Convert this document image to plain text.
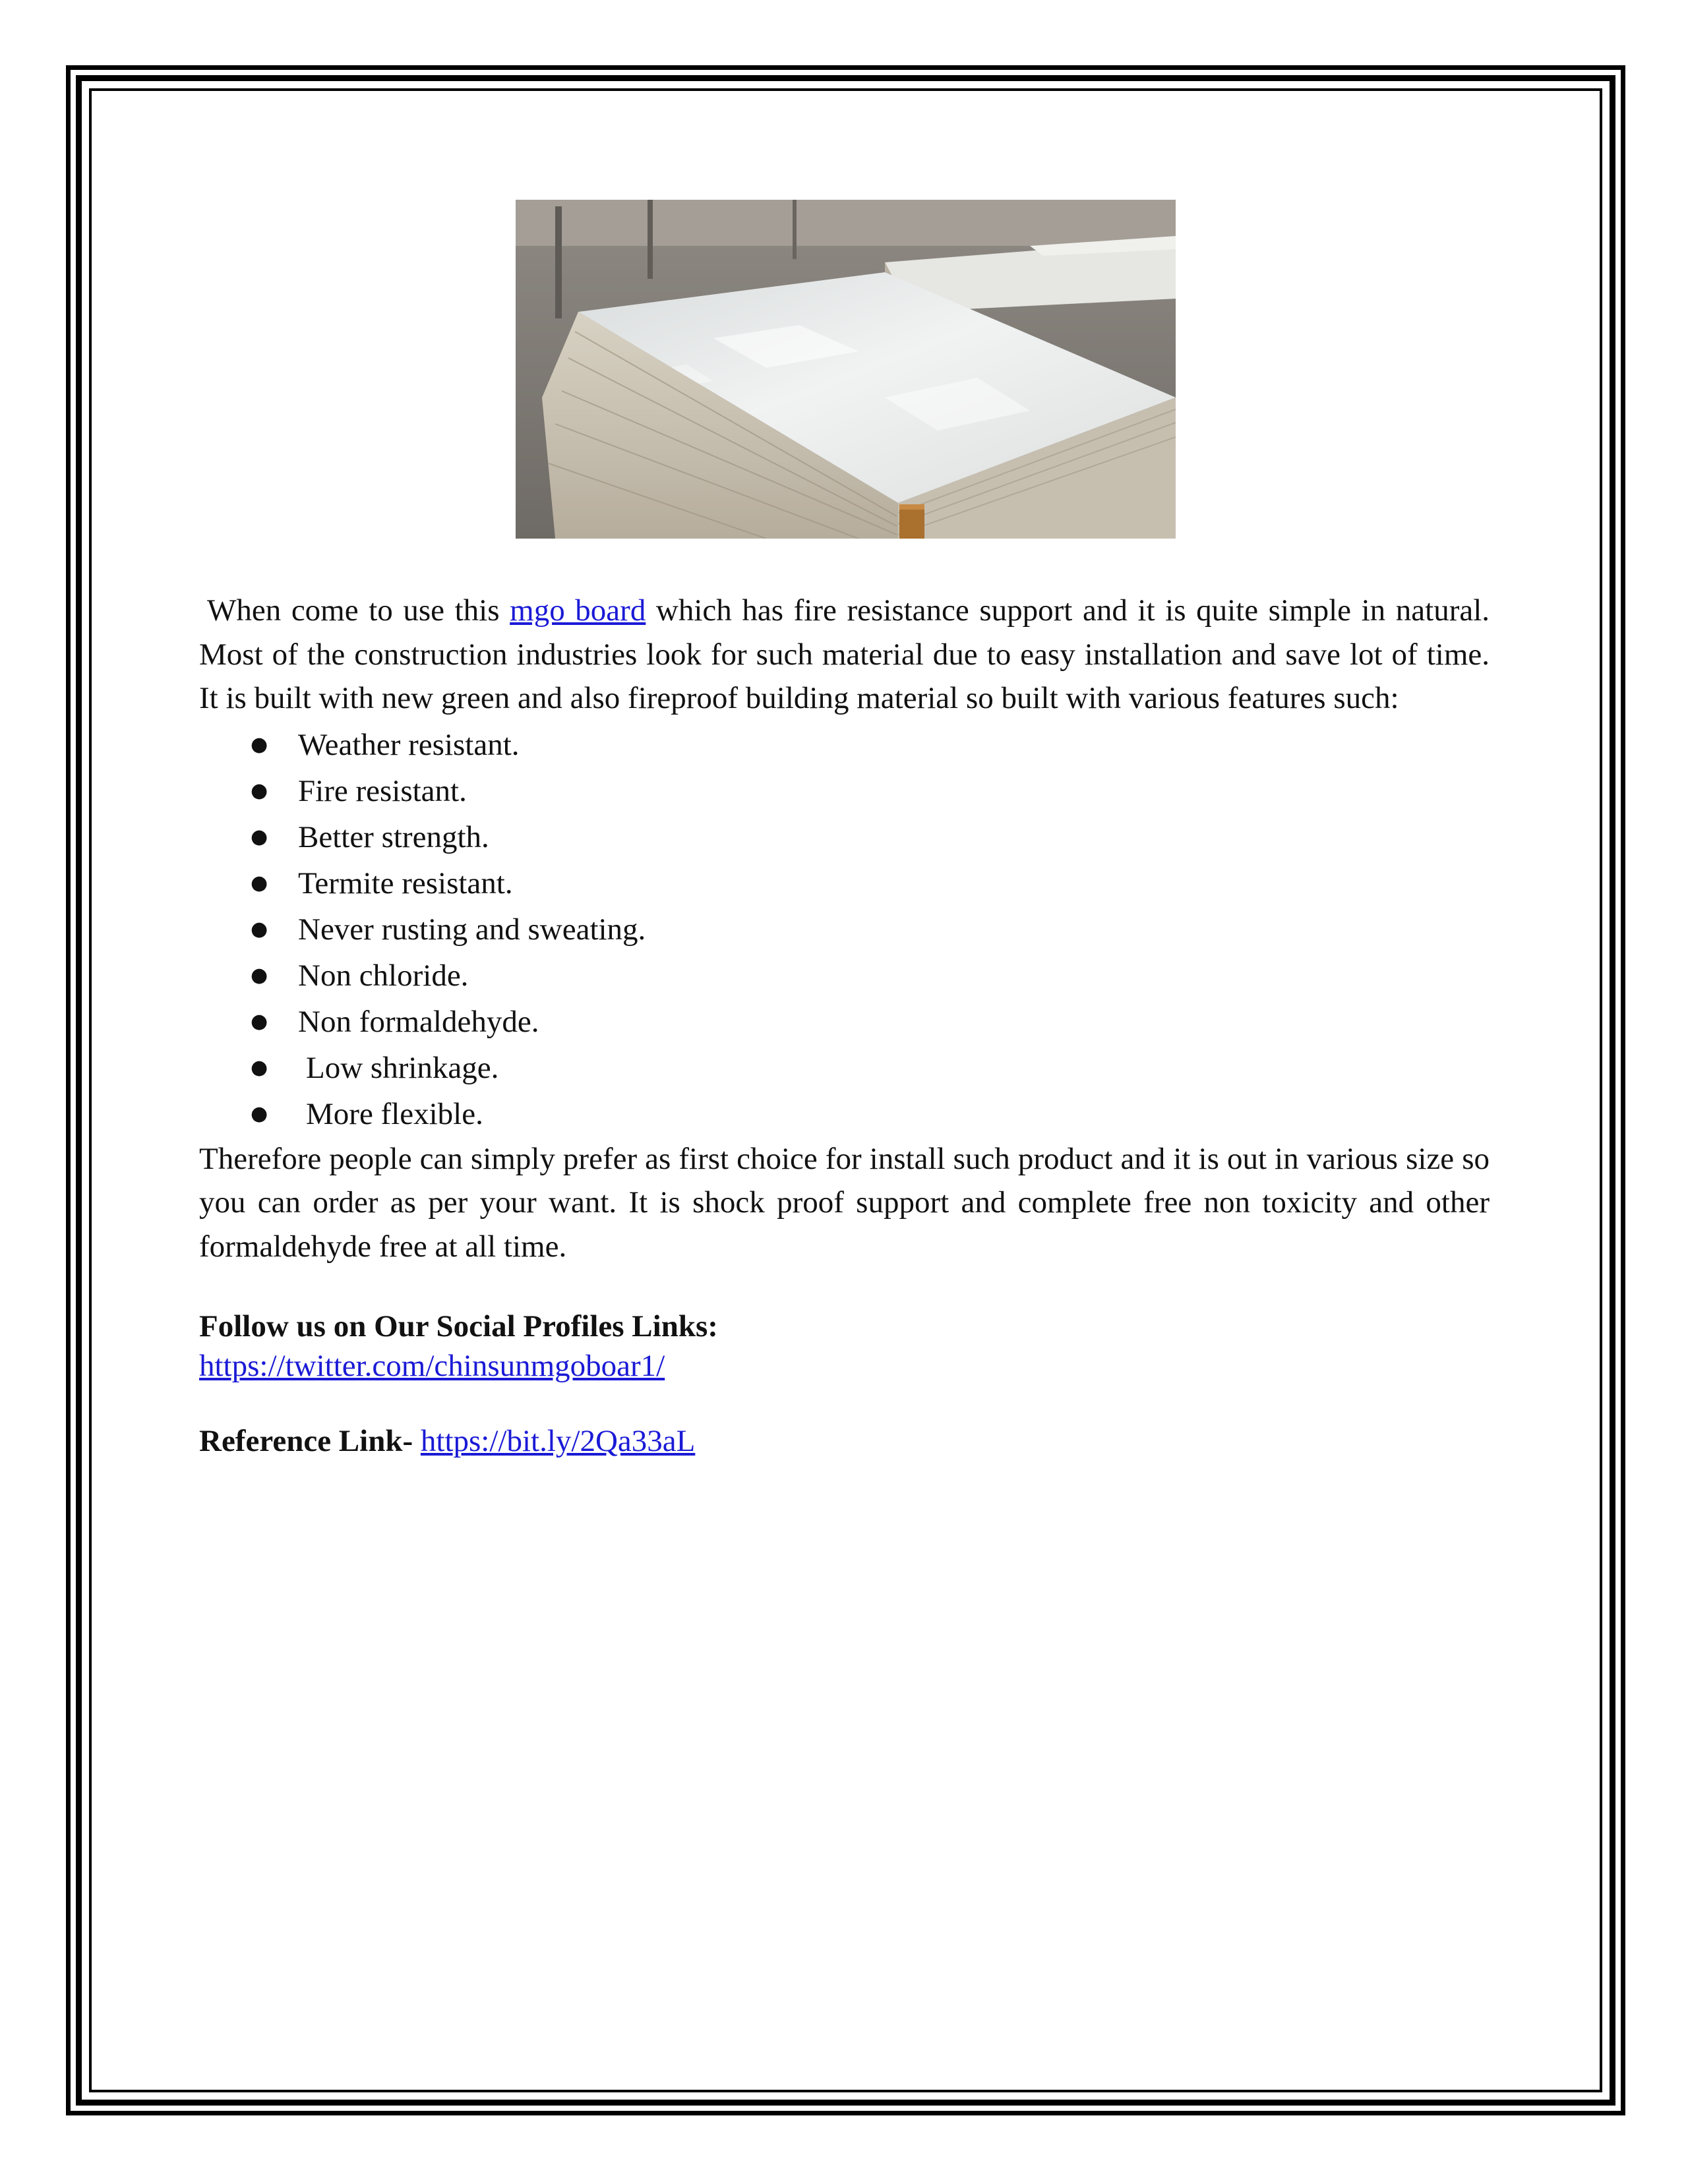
When come to use this mgo board which has fire resistance support and it is quite simple in natural. Most of the construction industries look for such material due to easy installation and save lot of time. It is built with new green and also fireproof building material so built with various features such:

● Weather resistant.
● Fire resistant.
● Better strength.
● Termite resistant.
● Never rusting and sweating.
● Non chloride.
● Non formaldehyde.
● Low shrinkage.
● More flexible.

Therefore people can simply prefer as first choice for install such product and it is out in various size so you can order as per your want. It is shock proof support and complete free non toxicity and other formaldehyde free at all time.

Follow us on Our Social Profiles Links:

https://twitter.com/chinsunmgoboar1/

Reference Link- https://bit.ly/2Qa33aL
